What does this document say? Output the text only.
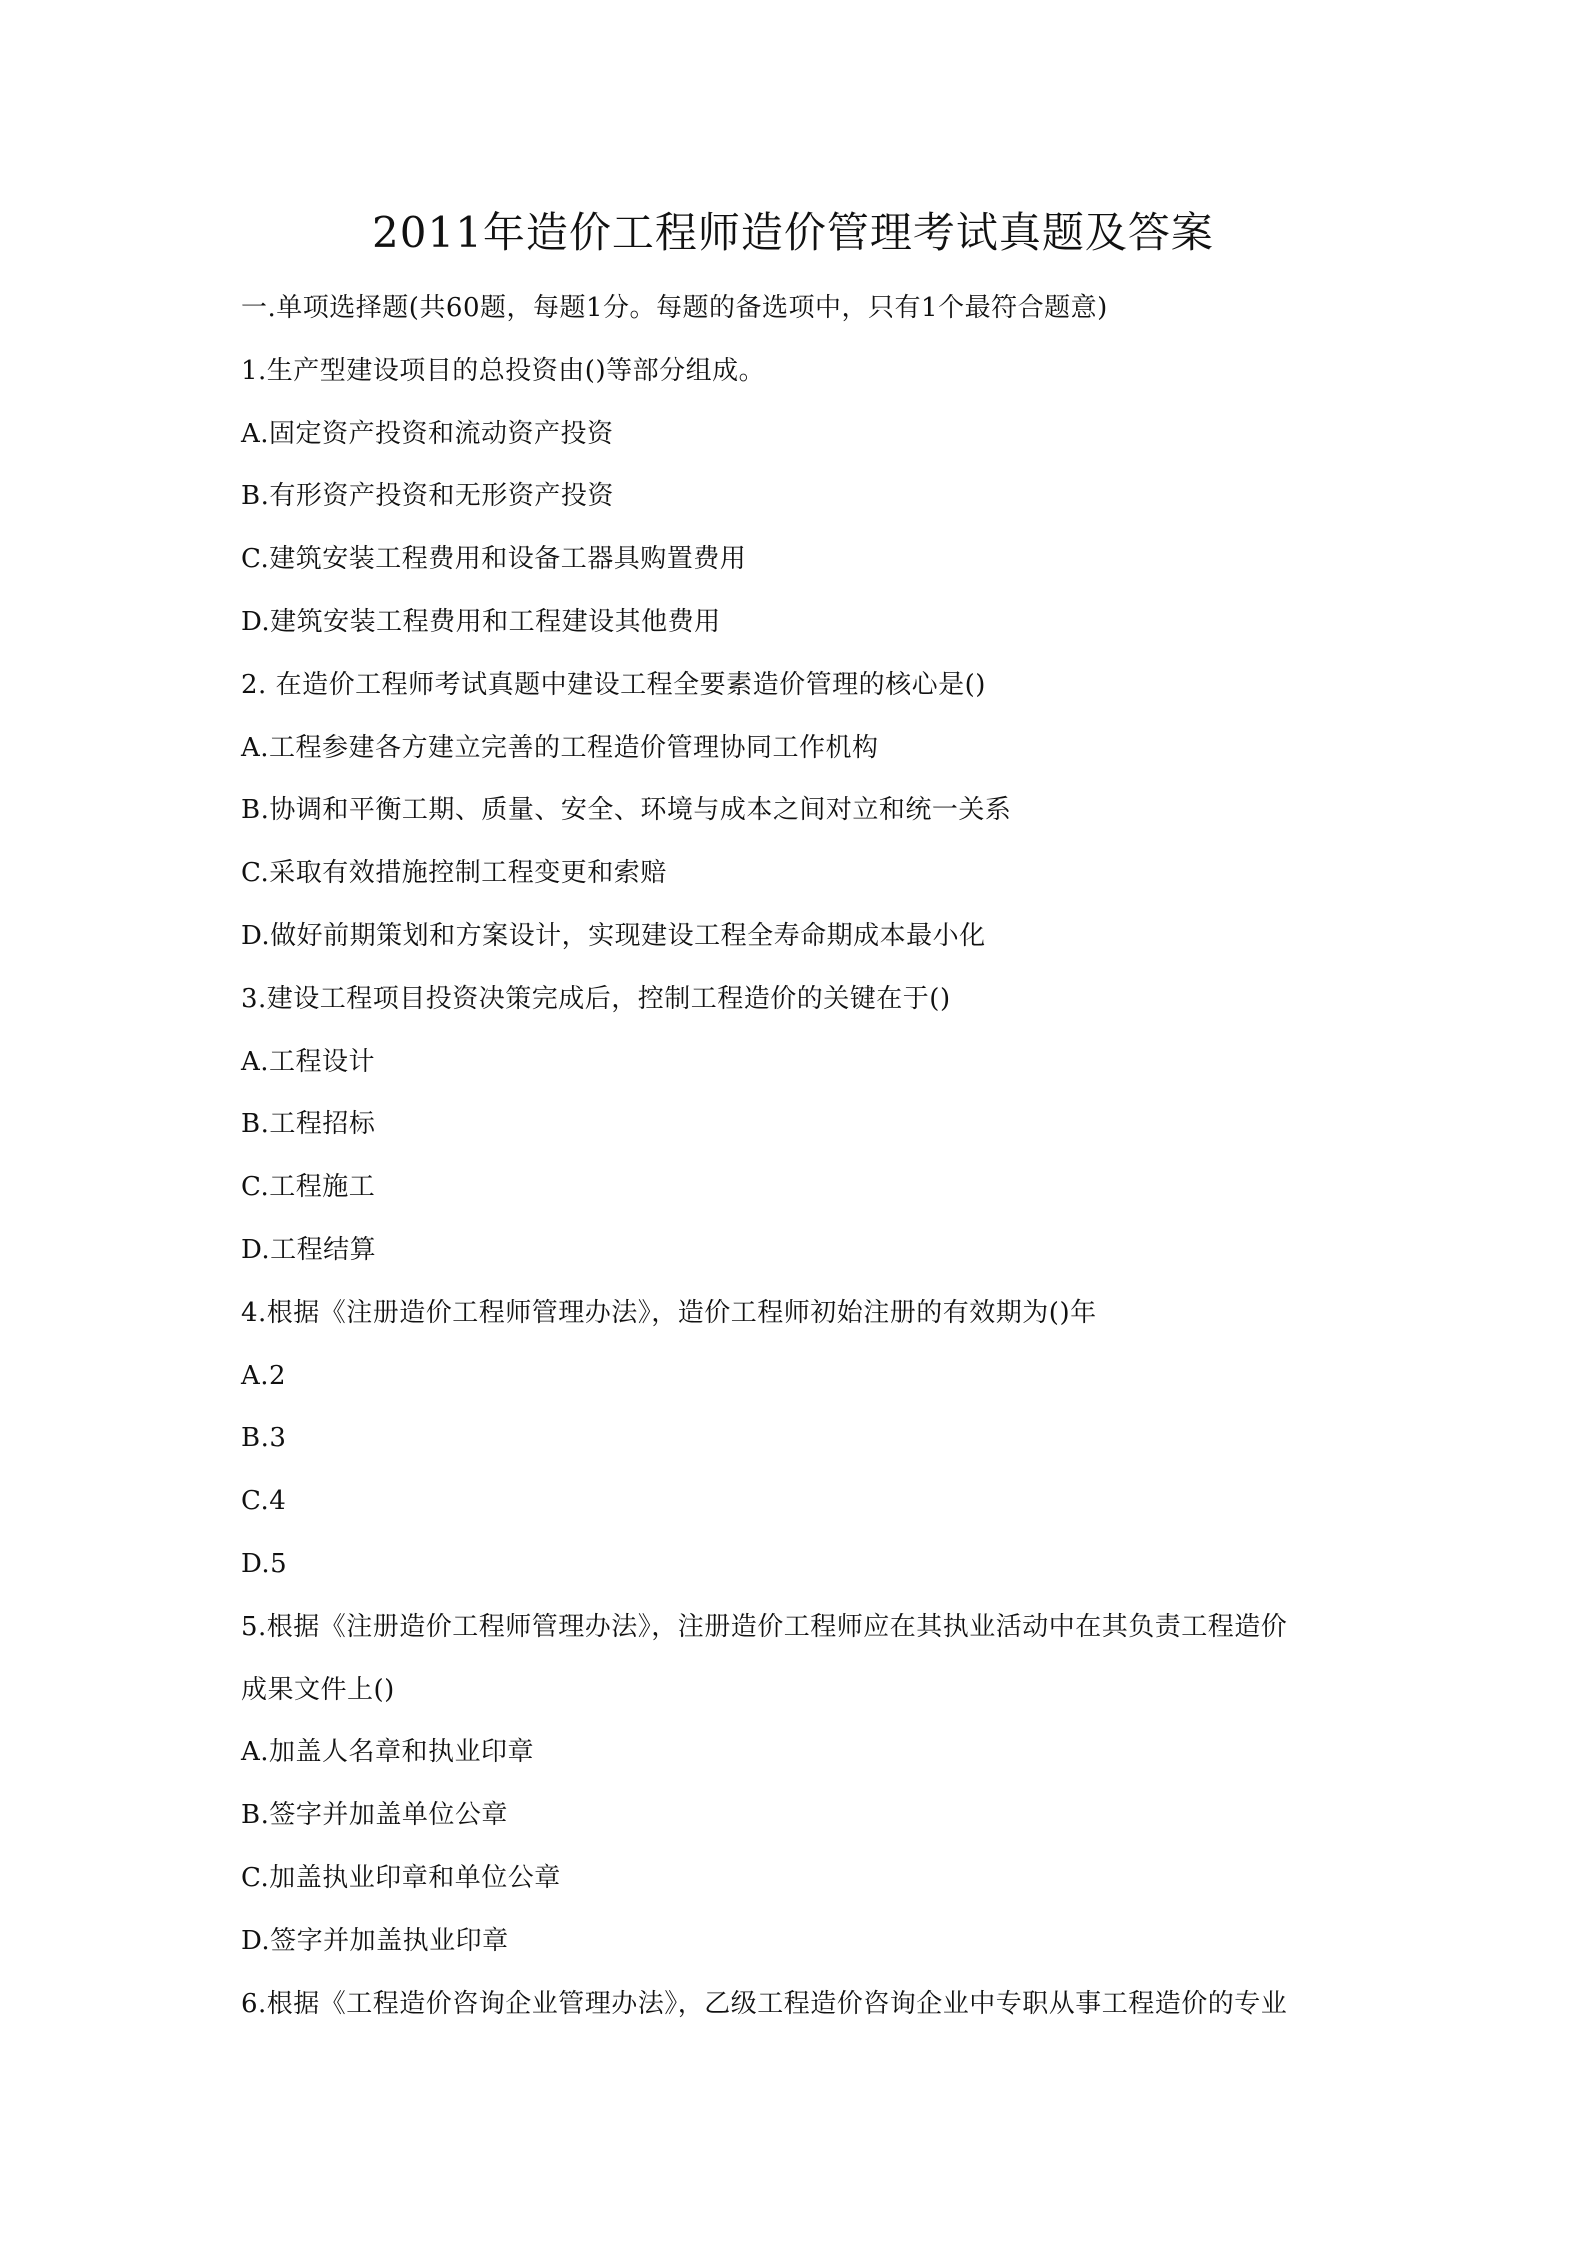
2011年造价工程师造价管理考试真题及答案
一.单项选择题(共60题，每题1分。每题的备选项中，只有1个最符合题意)
1.生产型建设项目的总投资由()等部分组成。
A.固定资产投资和流动资产投资
B.有形资产投资和无形资产投资
C.建筑安装工程费用和设备工器具购置费用
D.建筑安装工程费用和工程建设其他费用
2. 在造价工程师考试真题中建设工程全要素造价管理的核心是()
A.工程参建各方建立完善的工程造价管理协同工作机构
B.协调和平衡工期、质量、安全、环境与成本之间对立和统一关系
C.采取有效措施控制工程变更和索赔
D.做好前期策划和方案设计，实现建设工程全寿命期成本最小化
3.建设工程项目投资决策完成后，控制工程造价的关键在于()
A.工程设计
B.工程招标
C.工程施工
D.工程结算
4.根据《注册造价工程师管理办法》，造价工程师初始注册的有效期为()年
A.2
B.3
C.4
D.5
5.根据《注册造价工程师管理办法》，注册造价工程师应在其执业活动中在其负责工程造价
成果文件上()
A.加盖人名章和执业印章
B.签字并加盖单位公章
C.加盖执业印章和单位公章
D.签字并加盖执业印章
6.根据《工程造价咨询企业管理办法》，乙级工程造价咨询企业中专职从事工程造价的专业
